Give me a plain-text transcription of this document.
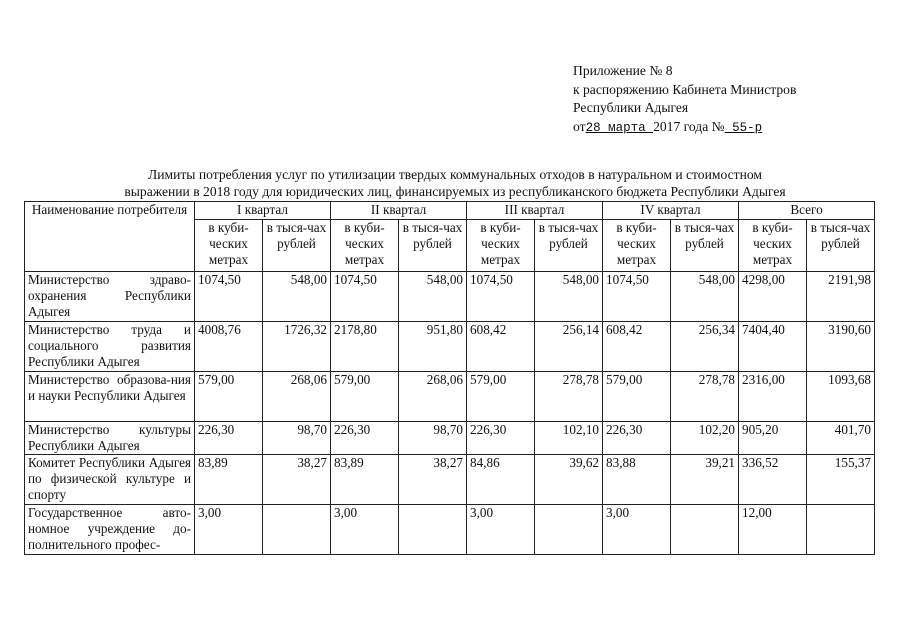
Приложение № 8
к распоряжению Кабинета Министров
Республики Адыгея
от28 марта 2017 года № 55-р
Лимиты потребления услуг по утилизации твердых коммунальных отходов в натуральном и стоимостном
выражении в 2018 году для юридических лиц, финансируемых из республиканского бюджета Республики Адыгея
Наименование потребителя	I квартал		II квартал		III квартал		IV квартал		Всего	
	в куби-ческих метрах	в тыся-чах рублей	в куби-ческих метрах	в тыся-чах рублей	в куби-ческих метрах	в тыся-чах рублей	в куби-ческих метрах	в тыся-чах рублей	в куби-ческих метрах	в тыся-чах рублей
Министерство здраво-охранения Республики Адыгея	1074,50	548,00	1074,50	548,00	1074,50	548,00	1074,50	548,00	4298,00	2191,98
Министерство труда и социального развития Республики Адыгея	4008,76	1726,32	2178,80	951,80	608,42	256,14	608,42	256,34	7404,40	3190,60
Министерство образова-ния и науки Республики Адыгея	579,00	268,06	579,00	268,06	579,00	278,78	579,00	278,78	2316,00	1093,68
Министерство культуры Республики Адыгея	226,30	98,70	226,30	98,70	226,30	102,10	226,30	102,20	905,20	401,70
Комитет Республики Адыгея по физической культуре и спорту	83,89	38,27	83,89	38,27	84,86	39,62	83,88	39,21	336,52	155,37
Государственное авто-номное учреждение до-полнительного профес-	3,00		3,00		3,00		3,00		12,00	
